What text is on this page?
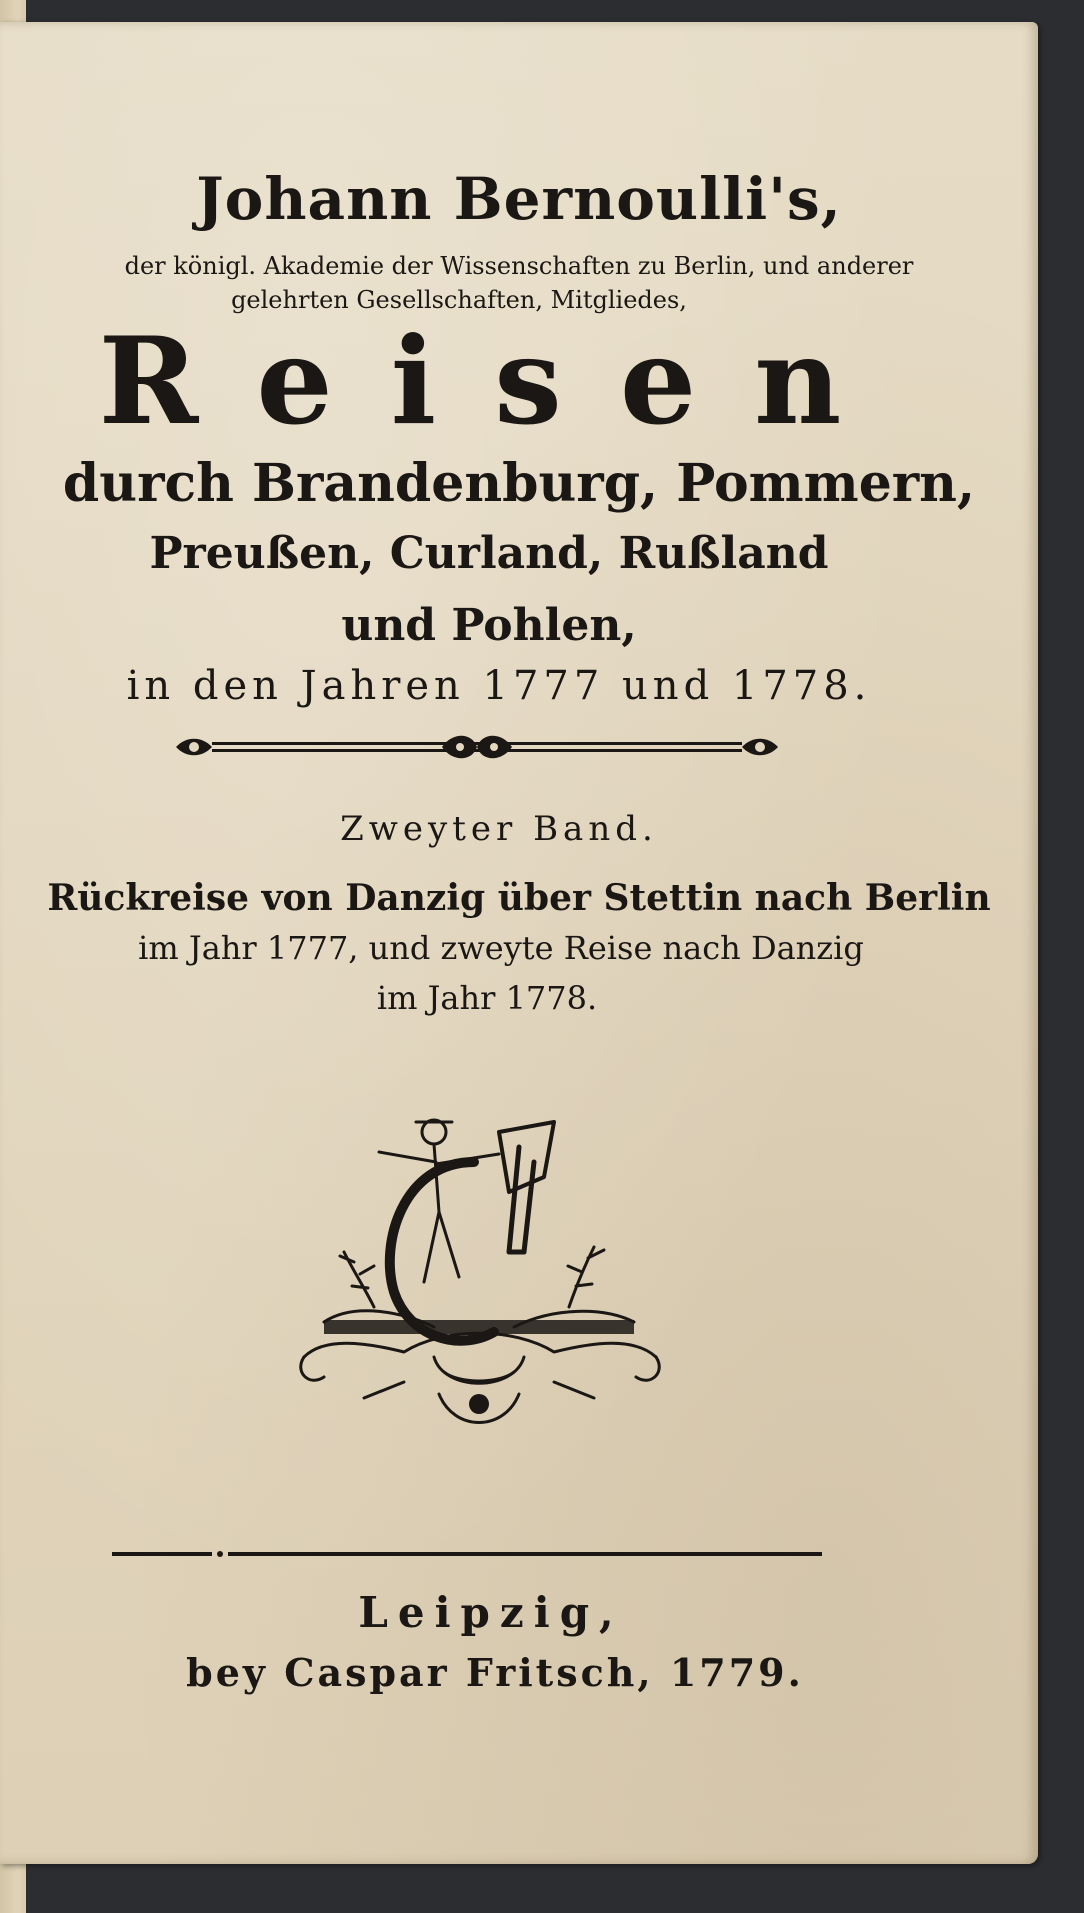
Johann Bernoulli's,

der königl. Akademie der Wissenschaften zu Berlin, und anderer

gelehrten Gesellschaften, Mitgliedes,

Reisen

durch Brandenburg, Pommern,

Preußen, Curland, Rußland

und Pohlen,

in den Jahren 1777 und 1778.

Zweyter Band.

Rückreise von Danzig über Stettin nach Berlin

im Jahr 1777, und zweyte Reise nach Danzig

im Jahr 1778.

Leipzig,

bey Caspar Fritsch, 1779.
